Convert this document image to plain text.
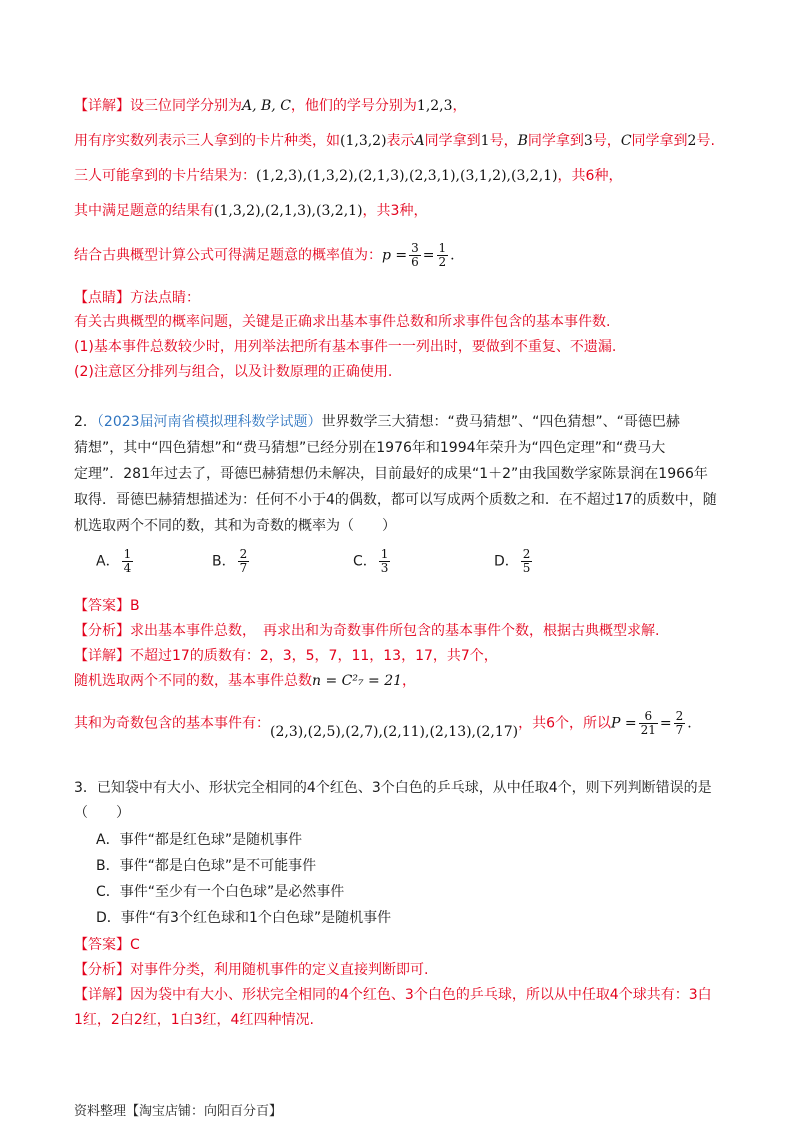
【详解】设三位同学分别为A, B, C，他们的学号分别为1,2,3，
用有序实数列表示三人拿到的卡片种类，如(1,3,2)表示A同学拿到1号，B同学拿到3号，C同学拿到2号.
三人可能拿到的卡片结果为：(1,2,3),(1,3,2),(2,1,3),(2,3,1),(3,1,2),(3,2,1)，共6种，
其中满足题意的结果有(1,3,2),(2,1,3),(3,2,1)，共3种，
结合古典概型计算公式可得满足题意的概率值为：$p = \frac{3}{6} = \frac{1}{2}$ .
【点睛】方法点睛：
有关古典概型的概率问题，关键是正确求出基本事件总数和所求事件包含的基本事件数.
(1)基本事件总数较少时，用列举法把所有基本事件一一列出时，要做到不重复、不遗漏.
(2)注意区分排列与组合，以及计数原理的正确使用.
2．（2023届河南省模拟理科数学试题）世界数学三大猜想：“费马猜想”、“四色猜想”、“哥德巴赫
猜想”，其中“四色猜想”和“费马猜想”已经分别在1976年和1994年荣升为“四色定理”和“费马大
定理”．281年过去了，哥德巴赫猜想仍未解决，目前最好的成果“1＋2”由我国数学家陈景润在1966年
取得．哥德巴赫猜想描述为：任何不小于4的偶数，都可以写成两个质数之和．在不超过17的质数中，随
机选取两个不同的数，其和为奇数的概率为（　　）
A． $\frac{1}{4}$	B． $\frac{2}{7}$	C． $\frac{1}{3}$	D． $\frac{2}{5}$
【答案】B
【分析】求出基本事件总数，　再求出和为奇数事件所包含的基本事件个数，根据古典概型求解.
【详解】不超过17的质数有：2，3，5，7，11，13，17，共7个，
随机选取两个不同的数，基本事件总数n = C²₇ = 21，
其和为奇数包含的基本事件有：(2,3),(2,5),(2,7),(2,11),(2,13),(2,17)，共6个，所以$P = \frac{6}{21} = \frac{2}{7}$ .
3．已知袋中有大小、形状完全相同的4个红色、3个白色的乒乓球，从中任取4个，则下列判断错误的是
（　　）
A．事件“都是红色球”是随机事件
B．事件“都是白色球”是不可能事件
C．事件“至少有一个白色球”是必然事件
D．事件“有3个红色球和1个白色球”是随机事件
【答案】C
【分析】对事件分类，利用随机事件的定义直接判断即可.
【详解】因为袋中有大小、形状完全相同的4个红色、3个白色的乒乓球，所以从中任取4个球共有：3白
1红，2白2红，1白3红，4红四种情况.
资料整理【淘宝店铺：向阳百分百】
